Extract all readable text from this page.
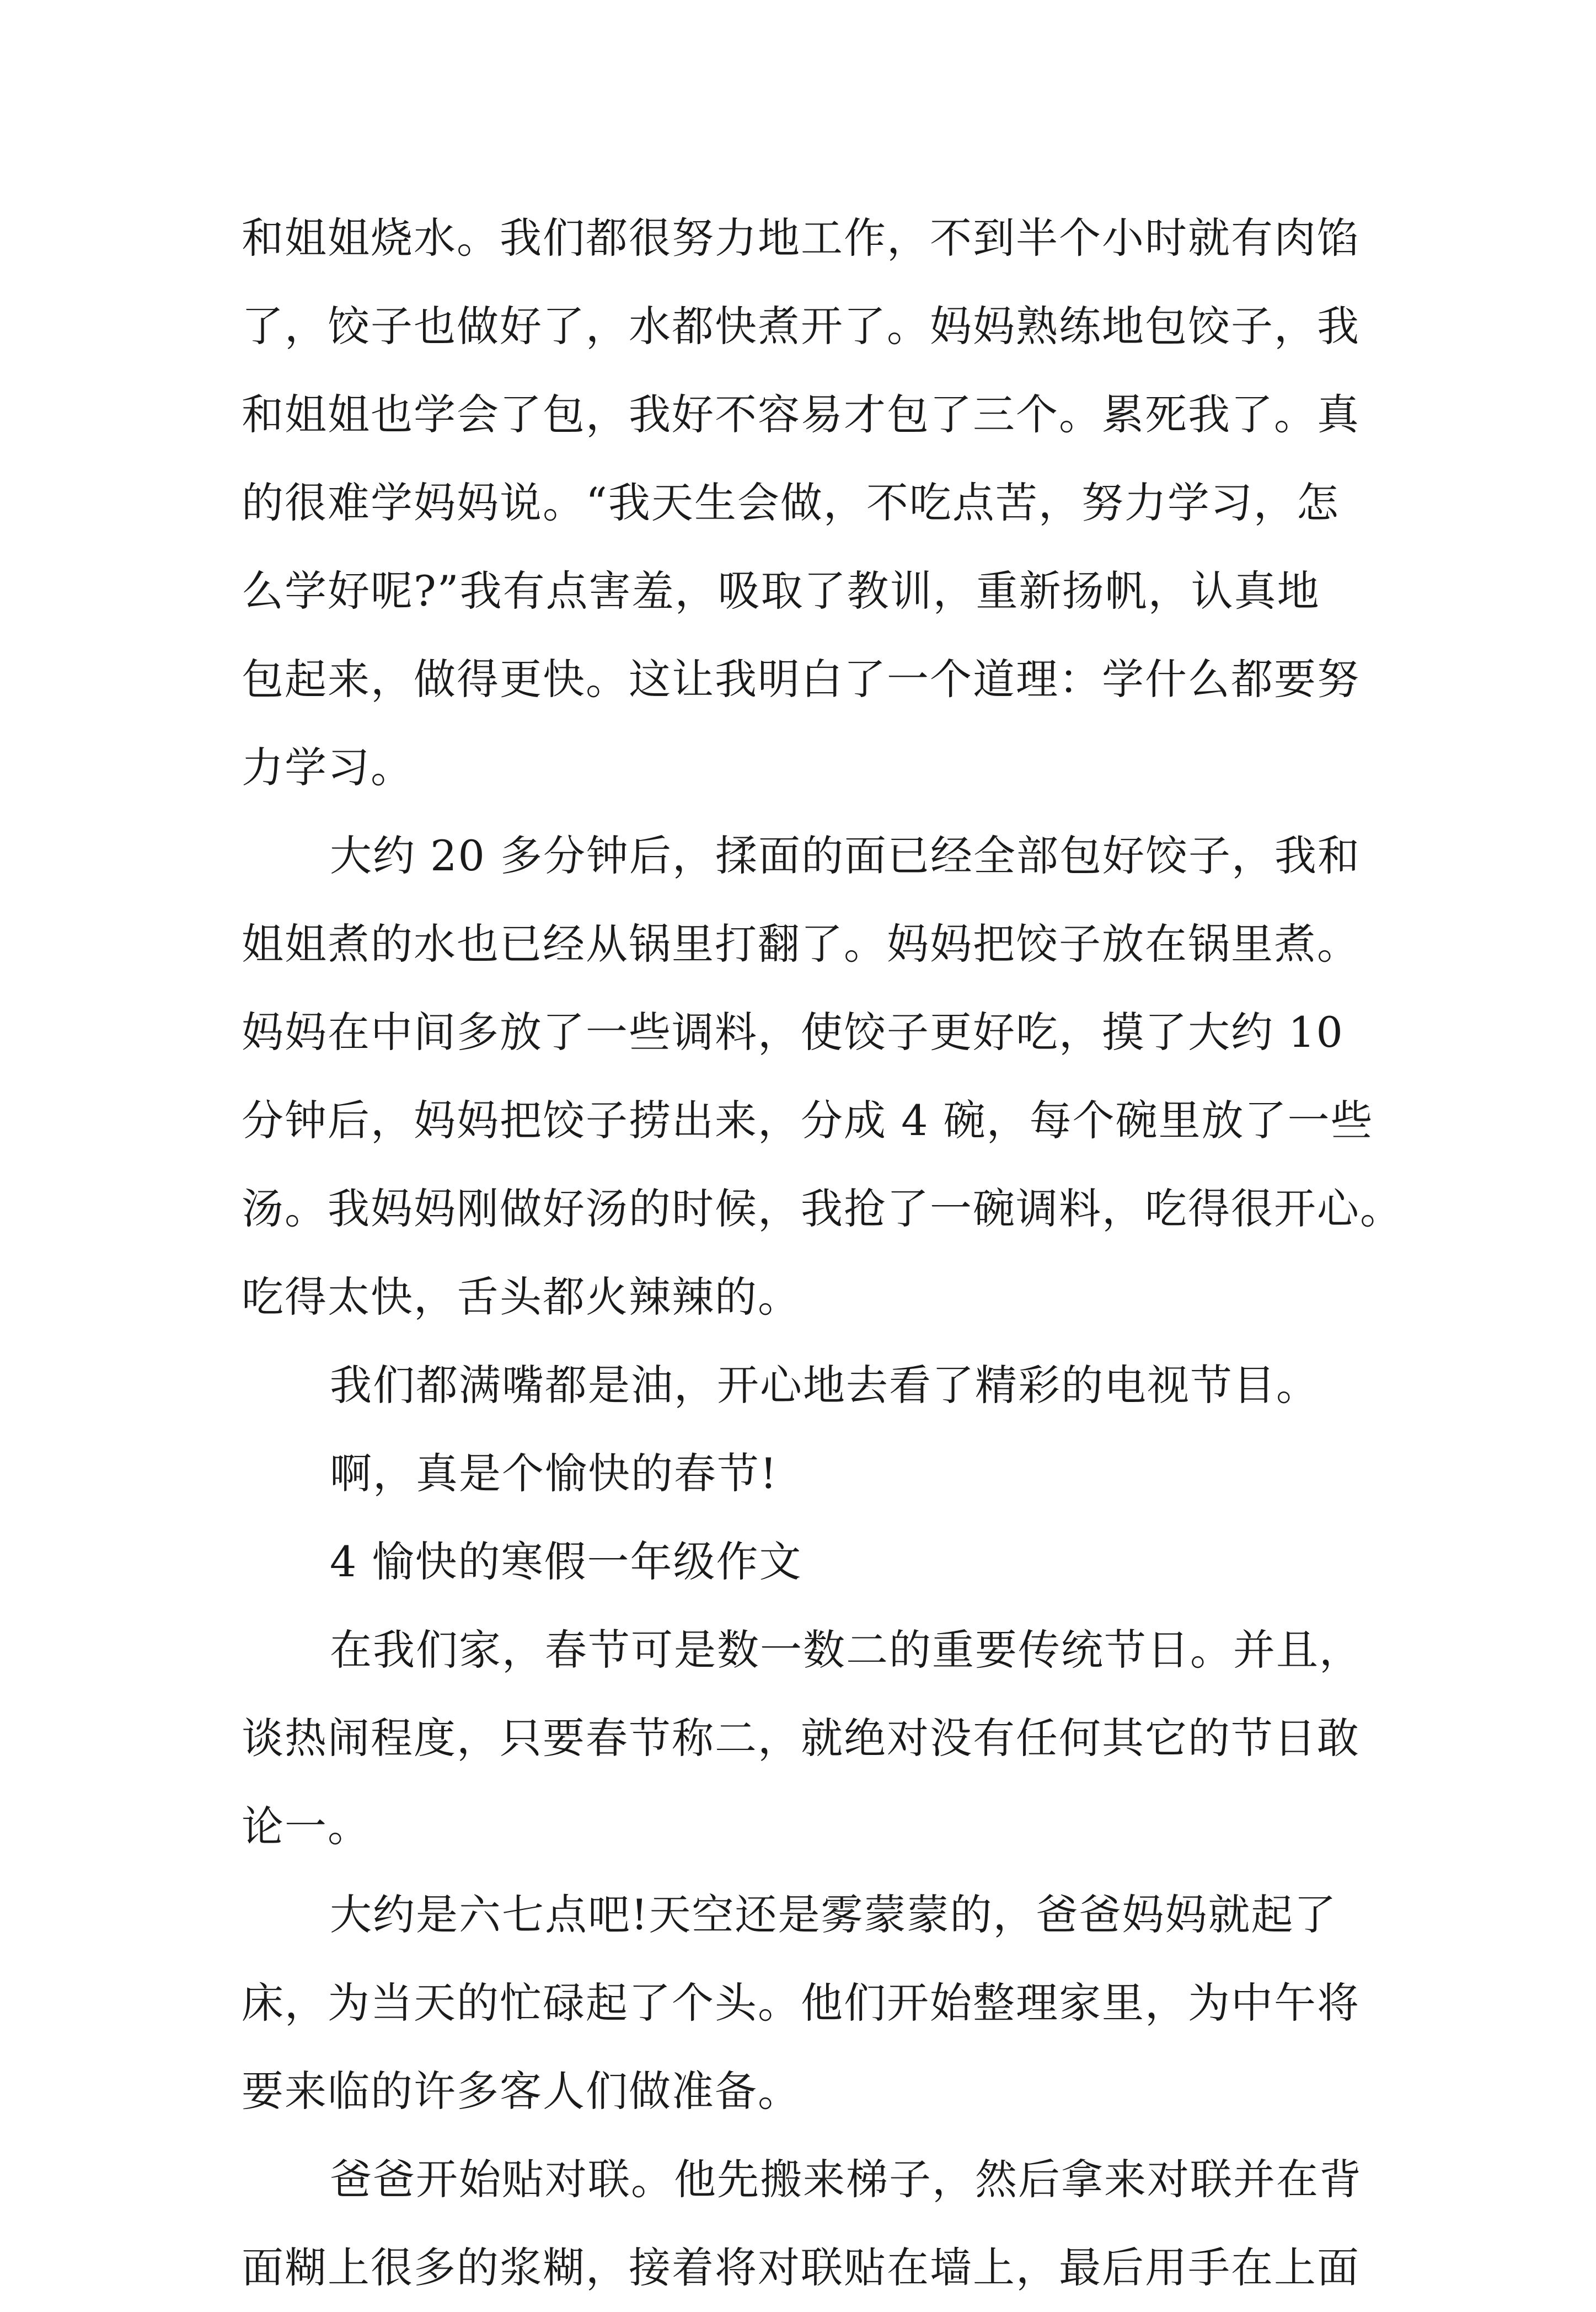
和姐姐烧水。我们都很努力地工作，不到半个小时就有肉馅
了，饺子也做好了，水都快煮开了。妈妈熟练地包饺子，我
和姐姐也学会了包，我好不容易才包了三个。累死我了。真
的很难学妈妈说。“我天生会做，不吃点苦，努力学习，怎
么学好呢?”我有点害羞，吸取了教训，重新扬帆，认真地
包起来，做得更快。这让我明白了一个道理：学什么都要努
力学习。
大约 20 多分钟后，揉面的面已经全部包好饺子，我和
姐姐煮的水也已经从锅里打翻了。妈妈把饺子放在锅里煮。
妈妈在中间多放了一些调料，使饺子更好吃，摸了大约 10
分钟后，妈妈把饺子捞出来，分成 4 碗，每个碗里放了一些
汤。我妈妈刚做好汤的时候，我抢了一碗调料，吃得很开心。
吃得太快，舌头都火辣辣的。
我们都满嘴都是油，开心地去看了精彩的电视节目。
啊，真是个愉快的春节!
4 愉快的寒假一年级作文
在我们家，春节可是数一数二的重要传统节日。并且，
谈热闹程度，只要春节称二，就绝对没有任何其它的节日敢
论一。
大约是六七点吧!天空还是雾蒙蒙的，爸爸妈妈就起了
床，为当天的忙碌起了个头。他们开始整理家里，为中午将
要来临的许多客人们做准备。
爸爸开始贴对联。他先搬来梯子，然后拿来对联并在背
面糊上很多的浆糊，接着将对联贴在墙上，最后用手在上面
